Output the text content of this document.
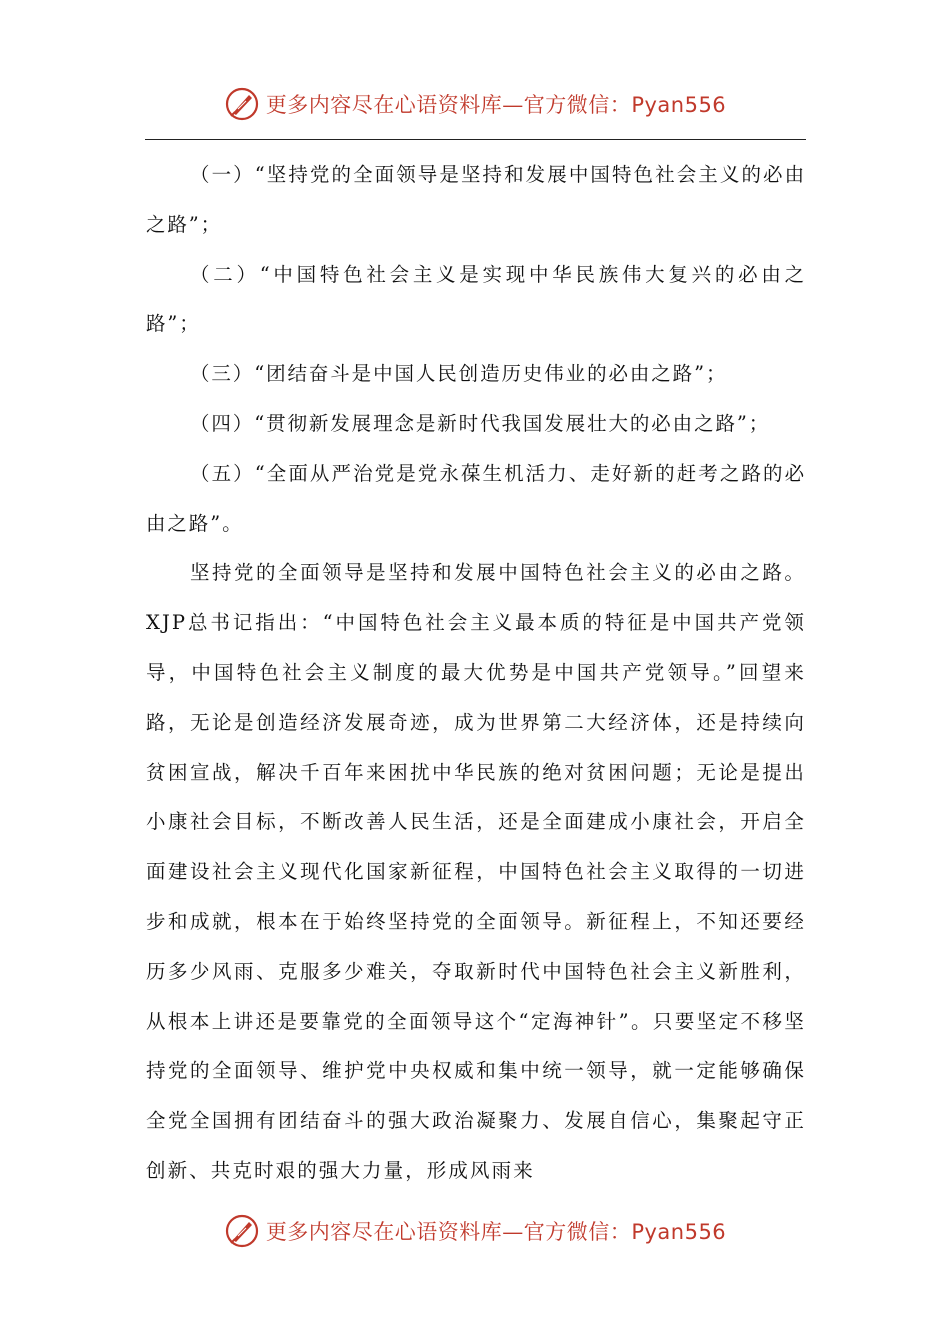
更多内容尽在心语资料库—官方微信：Pyan556

（一）“坚持党的全面领导是坚持和发展中国特色社会主义的必由之路”；

（二）“中国特色社会主义是实现中华民族伟大复兴的必由之路”；

（三）“团结奋斗是中国人民创造历史伟业的必由之路”；

（四）“贯彻新发展理念是新时代我国发展壮大的必由之路”；

（五）“全面从严治党是党永葆生机活力、走好新的赶考之路的必由之路”。

坚持党的全面领导是坚持和发展中国特色社会主义的必由之路。XJP总书记指出：“中国特色社会主义最本质的特征是中国共产党领导，中国特色社会主义制度的最大优势是中国共产党领导。”回望来路，无论是创造经济发展奇迹，成为世界第二大经济体，还是持续向贫困宣战，解决千百年来困扰中华民族的绝对贫困问题；无论是提出小康社会目标，不断改善人民生活，还是全面建成小康社会，开启全面建设社会主义现代化国家新征程，中国特色社会主义取得的一切进步和成就，根本在于始终坚持党的全面领导。新征程上，不知还要经历多少风雨、克服多少难关，夺取新时代中国特色社会主义新胜利，从根本上讲还是要靠党的全面领导这个“定海神针”。只要坚定不移坚持党的全面领导、维护党中央权威和集中统一领导，就一定能够确保全党全国拥有团结奋斗的强大政治凝聚力、发展自信心，集聚起守正创新、共克时艰的强大力量，形成风雨来

更多内容尽在心语资料库—官方微信：Pyan556
